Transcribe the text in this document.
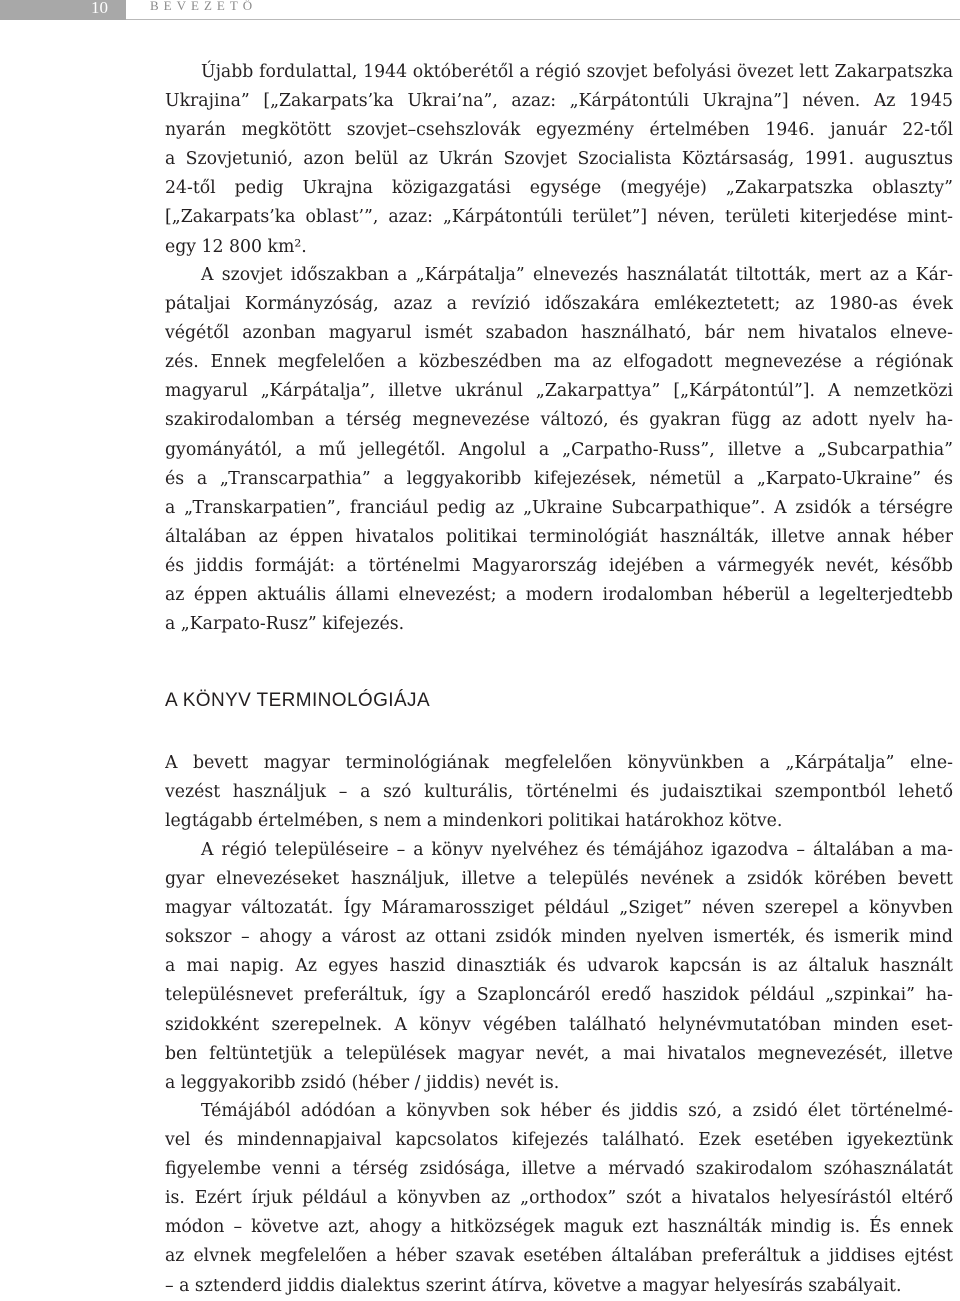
10	BEVEZETŐ
Újabb fordulattal, 1944 októberétől a régió szovjet befolyási övezet lett Zakarpatszka
Ukrajina” [„Zakarpats’ka Ukrai’na”, azaz: „Kárpátontúli Ukrajna”] néven. Az 1945
nyarán megkötött szovjet–csehszlovák egyezmény értelmében 1946. január 22-től
a Szovjetunió, azon belül az Ukrán Szovjet Szocialista Köztársaság, 1991. augusztus
24-től pedig Ukrajna közigazgatási egysége (megyéje) „Zakarpatszka oblaszty”
[„Zakarpats’ka oblast’”, azaz: „Kárpátontúli terület”] néven, területi kiterjedése mint-
egy 12 800 km².
A szovjet időszakban a „Kárpátalja” elnevezés használatát tiltották, mert az a Kár-
pátaljai Kormányzóság, azaz a revízió időszakára emlékeztetett; az 1980-as évek
végétől azonban magyarul ismét szabadon használható, bár nem hivatalos elneve-
zés. Ennek megfelelően a közbeszédben ma az elfogadott megnevezése a régiónak
magyarul „Kárpátalja”, illetve ukránul „Zakarpattya” [„Kárpátontúl”]. A nemzetközi
szakirodalomban a térség megnevezése változó, és gyakran függ az adott nyelv ha-
gyományától, a mű jellegétől. Angolul a „Carpatho-Russ”, illetve a „Subcarpathia”
és a „Transcarpathia” a leggyakoribb kifejezések, németül a „Karpato-Ukraine” és
a „Transkarpatien”, franciául pedig az „Ukraine Subcarpathique”. A zsidók a térségre
általában az éppen hivatalos politikai terminológiát használták, illetve annak héber
és jiddis formáját: a történelmi Magyarország idejében a vármegyék nevét, később
az éppen aktuális állami elnevezést; a modern irodalomban héberül a legelterjedtebb
a „Karpato-Rusz” kifejezés.
A KÖNYV TERMINOLÓGIÁJA
A bevett magyar terminológiának megfelelően könyvünkben a „Kárpátalja” elne-
vezést használjuk – a szó kulturális, történelmi és judaisztikai szempontból lehető
legtágabb értelmében, s nem a mindenkori politikai határokhoz kötve.
A régió településeire – a könyv nyelvéhez és témájához igazodva – általában a ma-
gyar elnevezéseket használjuk, illetve a település nevének a zsidók körében bevett
magyar változatát. Így Máramarossziget például „Sziget” néven szerepel a könyvben
sokszor – ahogy a várost az ottani zsidók minden nyelven ismerték, és ismerik mind
a mai napig. Az egyes haszid dinasztiák és udvarok kapcsán is az általuk használt
településnevet preferáltuk, így a Szaploncáról eredő haszidok például „szpinkai” ha-
szidokként szerepelnek. A könyv végében található helynévmutatóban minden eset-
ben feltüntetjük a települések magyar nevét, a mai hivatalos megnevezését, illetve
a leggyakoribb zsidó (héber / jiddis) nevét is.
Témájából adódóan a könyvben sok héber és jiddis szó, a zsidó élet történelmé-
vel és mindennapjaival kapcsolatos kifejezés található. Ezek esetében igyekeztünk
figyelembe venni a térség zsidósága, illetve a mérvadó szakirodalom szóhasználatát
is. Ezért írjuk például a könyvben az „orthodox” szót a hivatalos helyesírástól eltérő
módon – követve azt, ahogy a hitközségek maguk ezt használták mindig is. És ennek
az elvnek megfelelően a héber szavak esetében általában preferáltuk a jiddises ejtést
– a sztenderd jiddis dialektus szerint átírva, követve a magyar helyesírás szabályait.
